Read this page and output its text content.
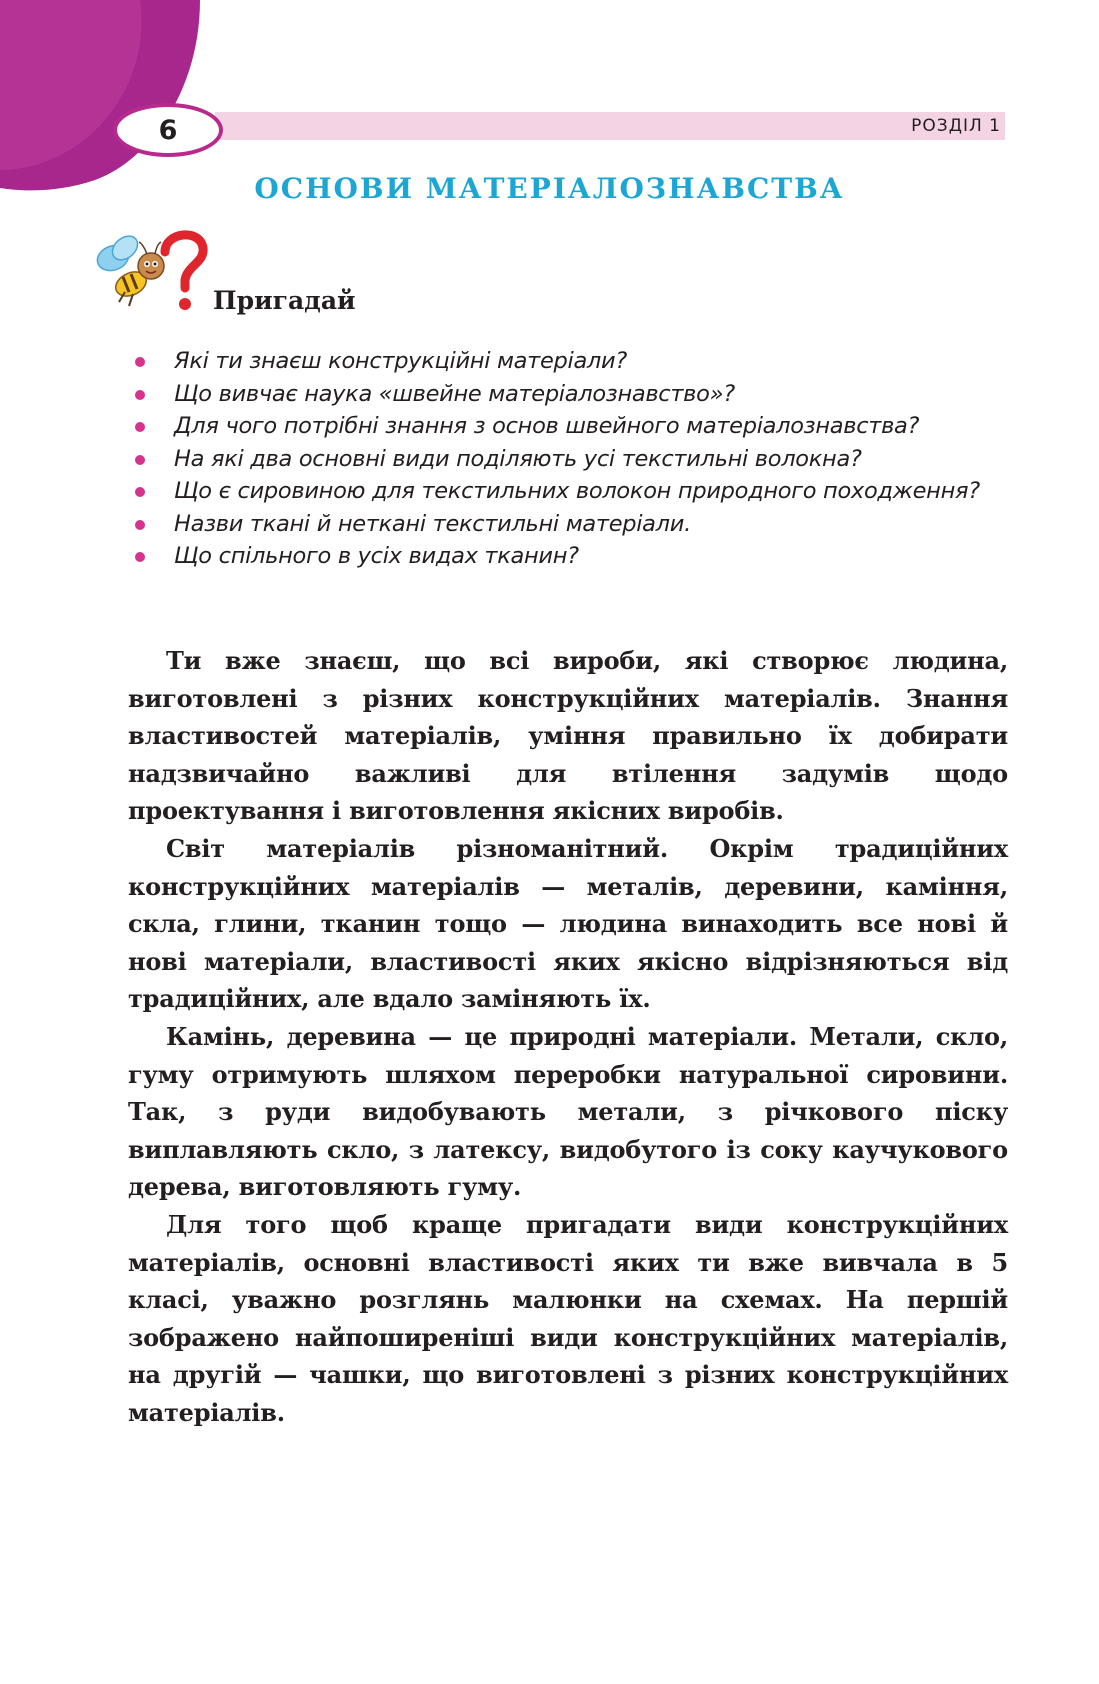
6	РОЗДІЛ 1
ОСНОВИ МАТЕРІАЛОЗНАВСТВА
Пригадай
Які ти знаєш конструкційні матеріали?
Що вивчає наука «швейне матеріалознавство»?
Для чого потрібні знання з основ швейного матеріалознавства?
На які два основні види поділяють усі текстильні волокна?
Що є сировиною для текстильних волокон природного походження?
Назви ткані й неткані текстильні матеріали.
Що спільного в усіх видах тканин?

Ти вже знаєш, що всі вироби, які створює людина, виготовлені з різних конструкційних матеріалів. Знання властивостей матеріалів, уміння правильно їх добирати надзвичайно важливі для втілення задумів щодо проектування і виготовлення якісних виробів.

Світ матеріалів різноманітний. Окрім традиційних конструкційних матеріалів — металів, деревини, каміння, скла, глини, тканин тощо — людина винаходить все нові й нові матеріали, властивості яких якісно відрізняються від традиційних, але вдало заміняють їх.

Камінь, деревина — це природні матеріали. Метали, скло, гуму отримують шляхом переробки натуральної сировини. Так, з руди видобувають метали, з річкового піску виплавляють скло, з латексу, видобутого із соку каучукового дерева, виготовляють гуму.

Для того щоб краще пригадати види конструкційних матеріалів, основні властивості яких ти вже вивчала в 5 класі, уважно розглянь малюнки на схемах. На першій зображено найпоширеніші види конструкційних матеріалів, на другій — чашки, що виготовлені з різних конструкційних матеріалів.
